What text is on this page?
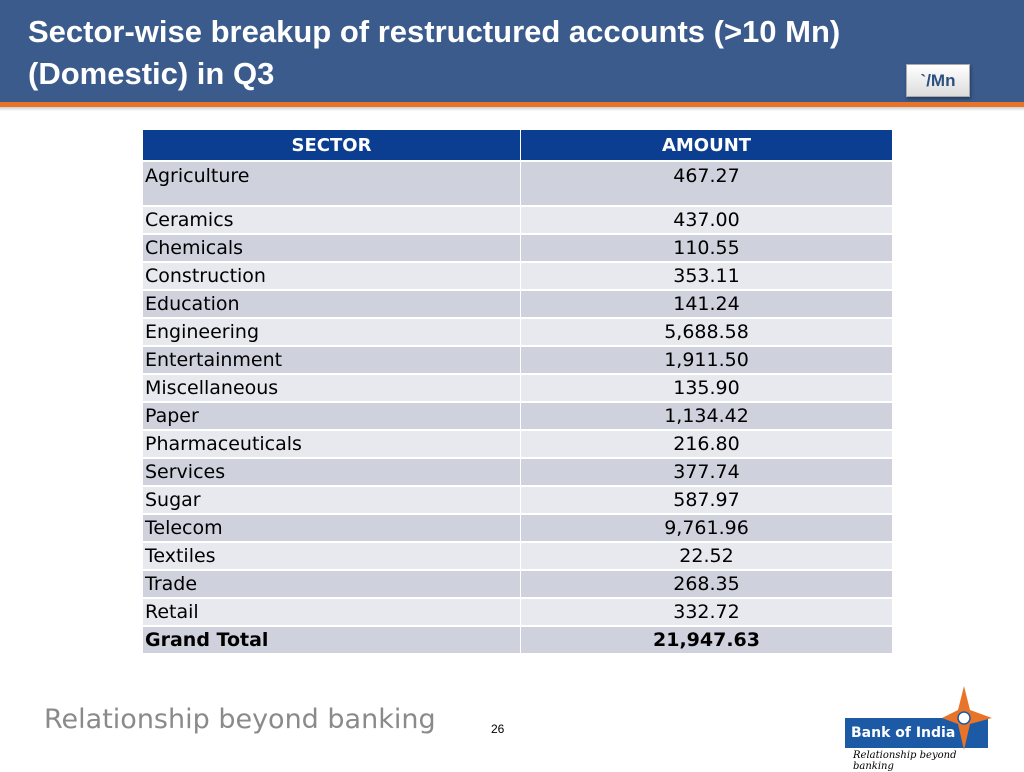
Sector-wise breakup of restructured accounts (>10 Mn) (Domestic) in Q3	`/Mn
SECTOR	AMOUNT
Agriculture	467.27
Ceramics	437.00
Chemicals	110.55
Construction	353.11
Education	141.24
Engineering	5,688.58
Entertainment	1,911.50
Miscellaneous	135.90
Paper	1,134.42
Pharmaceuticals	216.80
Services	377.74
Sugar	587.97
Telecom	9,761.96
Textiles	22.52
Trade	268.35
Retail	332.72
Grand Total	21,947.63
Relationship beyond banking	26	Bank of India
Relationship beyond banking
